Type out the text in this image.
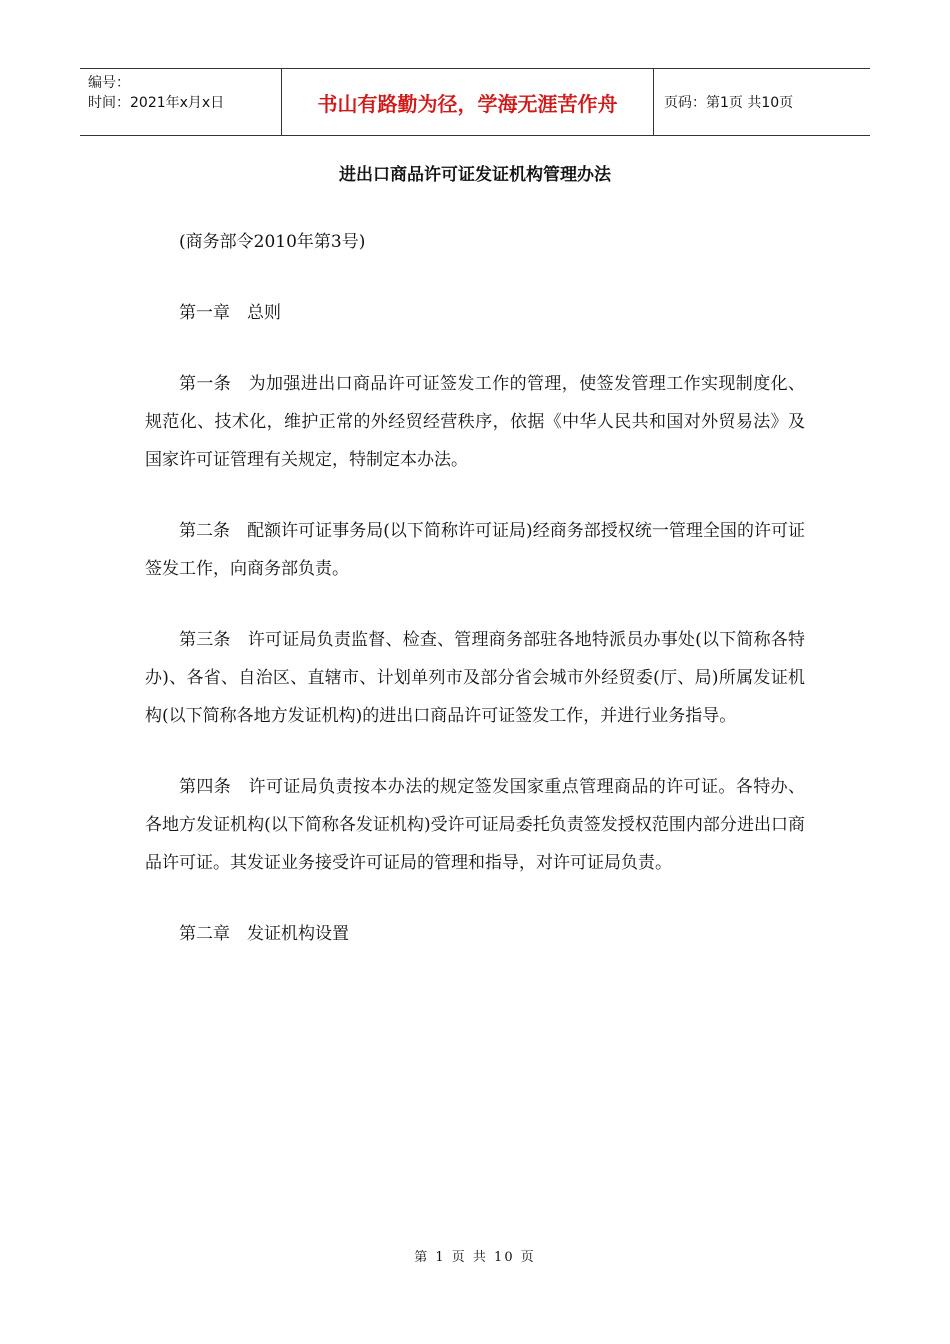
编号：
时间：2021年x月x日	书山有路勤为径，学海无涯苦作舟	页码：第1页 共10页
进出口商品许可证发证机构管理办法

(商务部令2010年第3号)

第一章　总则

第一条　为加强进出口商品许可证签发工作的管理，使签发管理工作实现制度化、规范化、技术化，维护正常的外经贸经营秩序，依据《中华人民共和国对外贸易法》及国家许可证管理有关规定，特制定本办法。

第二条　配额许可证事务局(以下简称许可证局)经商务部授权统一管理全国的许可证签发工作，向商务部负责。

第三条　许可证局负责监督、检查、管理商务部驻各地特派员办事处(以下简称各特办)、各省、自治区、直辖市、计划单列市及部分省会城市外经贸委(厅、局)所属发证机构(以下简称各地方发证机构)的进出口商品许可证签发工作，并进行业务指导。

第四条　许可证局负责按本办法的规定签发国家重点管理商品的许可证。各特办、各地方发证机构(以下简称各发证机构)受许可证局委托负责签发授权范围内部分进出口商品许可证。其发证业务接受许可证局的管理和指导，对许可证局负责。

第二章　发证机构设置

第 1 页 共 10 页
